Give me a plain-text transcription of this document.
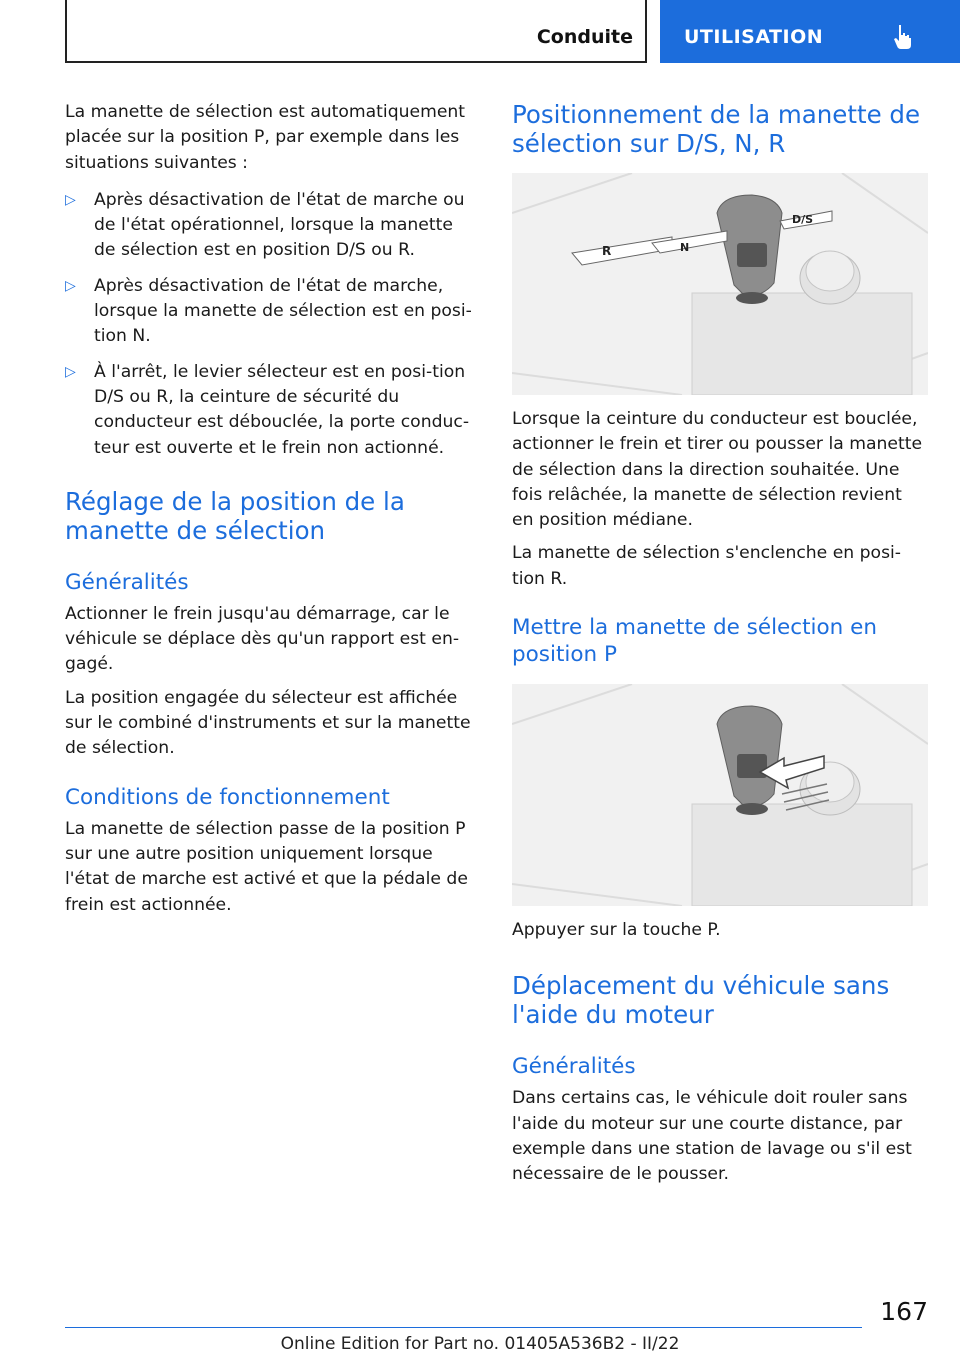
Conduite	UTILISATION

La manette de sélection est automatiquement placée sur la position P, par exemple dans les situations suivantes :

▷ Après désactivation de l'état de marche ou de l'état opérationnel, lorsque la manette de sélection est en position D/S ou R.
▷ Après désactivation de l'état de marche, lorsque la manette de sélection est en posi-tion N.
▷ À l'arrêt, le levier sélecteur est en posi-tion D/S ou R, la ceinture de sécurité du conducteur est débouclée, la porte conduc-teur est ouverte et le frein non actionné.
Réglage de la position de la manette de sélection
Généralités

Actionner le frein jusqu'au démarrage, car le véhicule se déplace dès qu'un rapport est en-gagé.

La position engagée du sélecteur est affichée sur le combiné d'instruments et sur la manette de sélection.

Conditions de fonctionnement

La manette de sélection passe de la position P sur une autre position uniquement lorsque l'état de marche est activé et que la pédale de frein est actionnée.

Positionnement de la manette de sélection sur D/S, N, R
R	N
D/S

Lorsque la ceinture du conducteur est bouclée, actionner le frein et tirer ou pousser la manette de sélection dans la direction souhaitée. Une fois relâchée, la manette de sélection revient en position médiane.

La manette de sélection s'enclenche en posi-tion R.

Mettre la manette de sélection en position P

Appuyer sur la touche P.

Déplacement du véhicule sans l'aide du moteur
Généralités

Dans certains cas, le véhicule doit rouler sans l'aide du moteur sur une courte distance, par exemple dans une station de lavage ou s'il est nécessaire de le pousser.

167
Online Edition for Part no. 01405A536B2 - II/22
